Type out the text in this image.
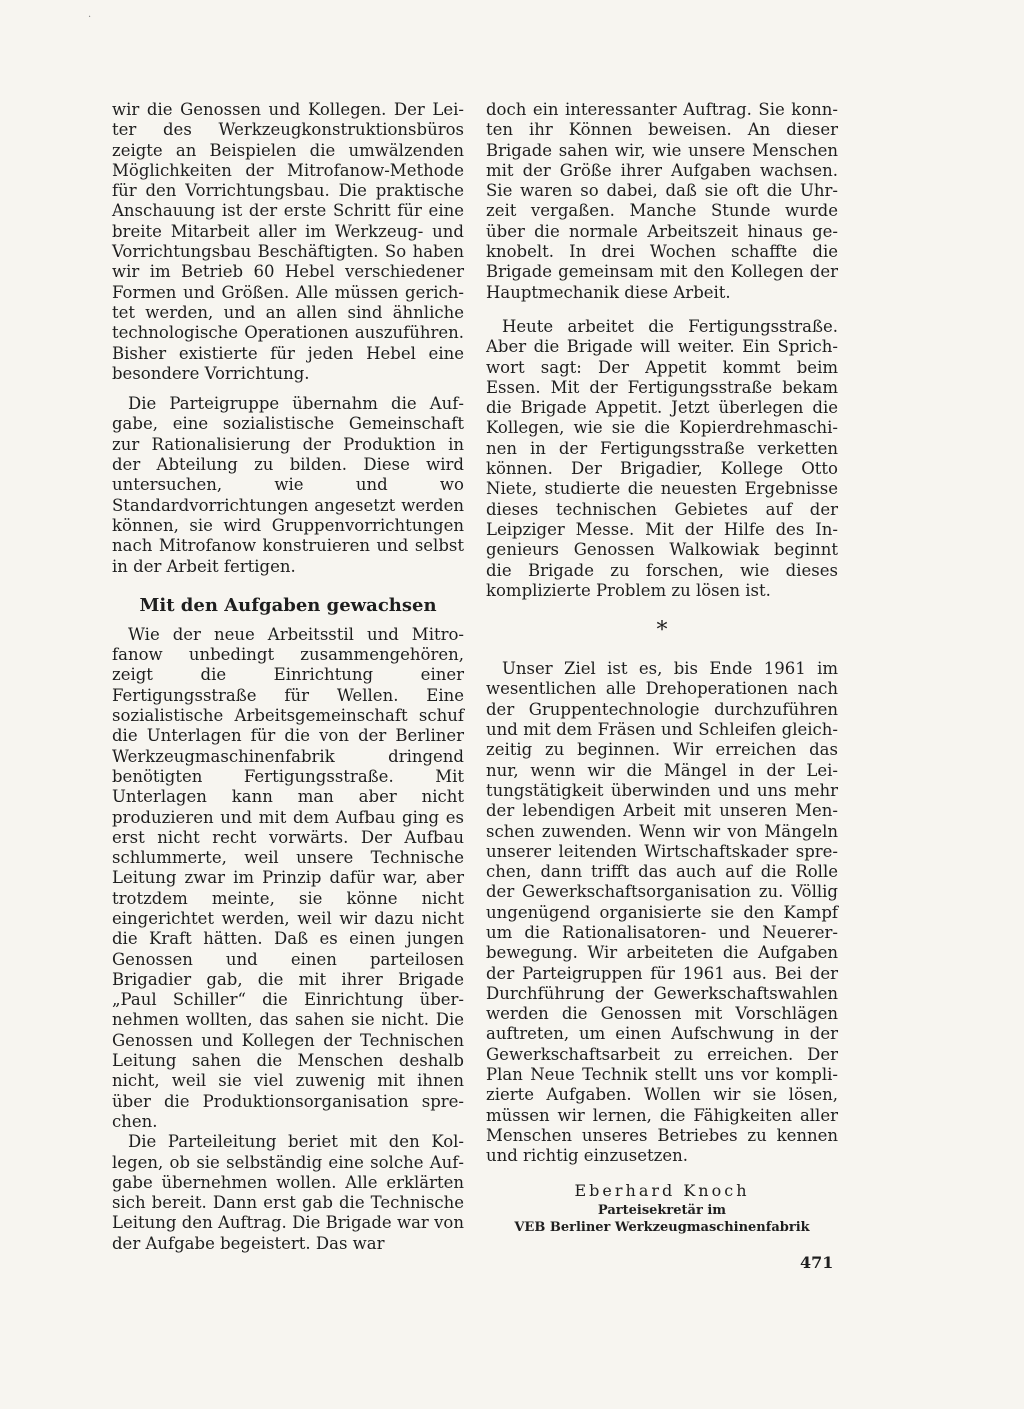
·

wir die Genossen und Kollegen. Der Leiter des Werkzeugkonstruktionsbüros zeigte an Beispielen die umwälzenden Möglichkeiten der Mitrofanow-Methode für den Vorrichtungsbau. Die praktische Anschauung ist der erste Schritt für eine breite Mitarbeit aller im Werkzeug- und Vorrichtungsbau Beschäftigten. So haben wir im Betrieb 60 Hebel verschiedener Formen und Größen. Alle müssen gerichtet werden, und an allen sind ähnliche technologische Operationen auszuführen. Bisher existierte für jeden Hebel eine besondere Vorrichtung.

Die Parteigruppe übernahm die Aufgabe, eine sozialistische Gemeinschaft zur Rationalisierung der Produktion in der Abteilung zu bilden. Diese wird untersuchen, wie und wo Standardvorrichtungen angesetzt werden können, sie wird Gruppenvorrichtungen nach Mitrofanow konstruieren und selbst in der Arbeit fertigen.

Mit den Aufgaben gewachsen

Wie der neue Arbeitsstil und Mitrofanow unbedingt zusammengehören, zeigt die Einrichtung einer Fertigungsstraße für Wellen. Eine sozialistische Arbeitsgemeinschaft schuf die Unterlagen für die von der Berliner Werkzeugmaschinenfabrik dringend benötigten Fertigungsstraße. Mit Unterlagen kann man aber nicht produzieren und mit dem Aufbau ging es erst nicht recht vorwärts. Der Aufbau schlummerte, weil unsere Technische Leitung zwar im Prinzip dafür war, aber trotzdem meinte, sie könne nicht eingerichtet werden, weil wir dazu nicht die Kraft hätten. Daß es einen jungen Genossen und einen parteilosen Brigadier gab, die mit ihrer Brigade „Paul Schiller“ die Einrichtung übernehmen wollten, das sahen sie nicht. Die Genossen und Kollegen der Technischen Leitung sahen die Menschen deshalb nicht, weil sie viel zuwenig mit ihnen über die Produktionsorganisation sprechen.

Die Parteileitung beriet mit den Kollegen, ob sie selbständig eine solche Aufgabe übernehmen wollen. Alle erklärten sich bereit. Dann erst gab die Technische Leitung den Auftrag. Die Brigade war von der Aufgabe begeistert. Das war

doch ein interessanter Auftrag. Sie konnten ihr Können beweisen. An dieser Brigade sahen wir, wie unsere Menschen mit der Größe ihrer Aufgaben wachsen. Sie waren so dabei, daß sie oft die Uhrzeit vergaßen. Manche Stunde wurde über die normale Arbeitszeit hinaus geknobelt. In drei Wochen schaffte die Brigade gemeinsam mit den Kollegen der Hauptmechanik diese Arbeit.

Heute arbeitet die Fertigungsstraße. Aber die Brigade will weiter. Ein Sprichwort sagt: Der Appetit kommt beim Essen. Mit der Fertigungsstraße bekam die Brigade Appetit. Jetzt überlegen die Kollegen, wie sie die Kopierdrehmaschinen in der Fertigungsstraße verketten können. Der Brigadier, Kollege Otto Niete, studierte die neuesten Ergebnisse dieses technischen Gebietes auf der Leipziger Messe. Mit der Hilfe des Ingenieurs Genossen Walkowiak beginnt die Brigade zu forschen, wie dieses komplizierte Problem zu lösen ist.

*

Unser Ziel ist es, bis Ende 1961 im wesentlichen alle Drehoperationen nach der Gruppentechnologie durchzuführen und mit dem Fräsen und Schleifen gleichzeitig zu beginnen. Wir erreichen das nur, wenn wir die Mängel in der Leitungstätigkeit überwinden und uns mehr der lebendigen Arbeit mit unseren Menschen zuwenden. Wenn wir von Mängeln unserer leitenden Wirtschaftskader sprechen, dann trifft das auch auf die Rolle der Gewerkschaftsorganisation zu. Völlig ungenügend organisierte sie den Kampf um die Rationalisatoren- und Neuererbewegung. Wir arbeiteten die Aufgaben der Parteigruppen für 1961 aus. Bei der Durchführung der Gewerkschaftswahlen werden die Genossen mit Vorschlägen auftreten, um einen Aufschwung in der Gewerkschaftsarbeit zu erreichen. Der Plan Neue Technik stellt uns vor komplizierte Aufgaben. Wollen wir sie lösen, müssen wir lernen, die Fähigkeiten aller Menschen unseres Betriebes zu kennen und richtig einzusetzen.

Eberhard Knoch
Parteisekretär im
VEB Berliner Werkzeugmaschinenfabrik
471
